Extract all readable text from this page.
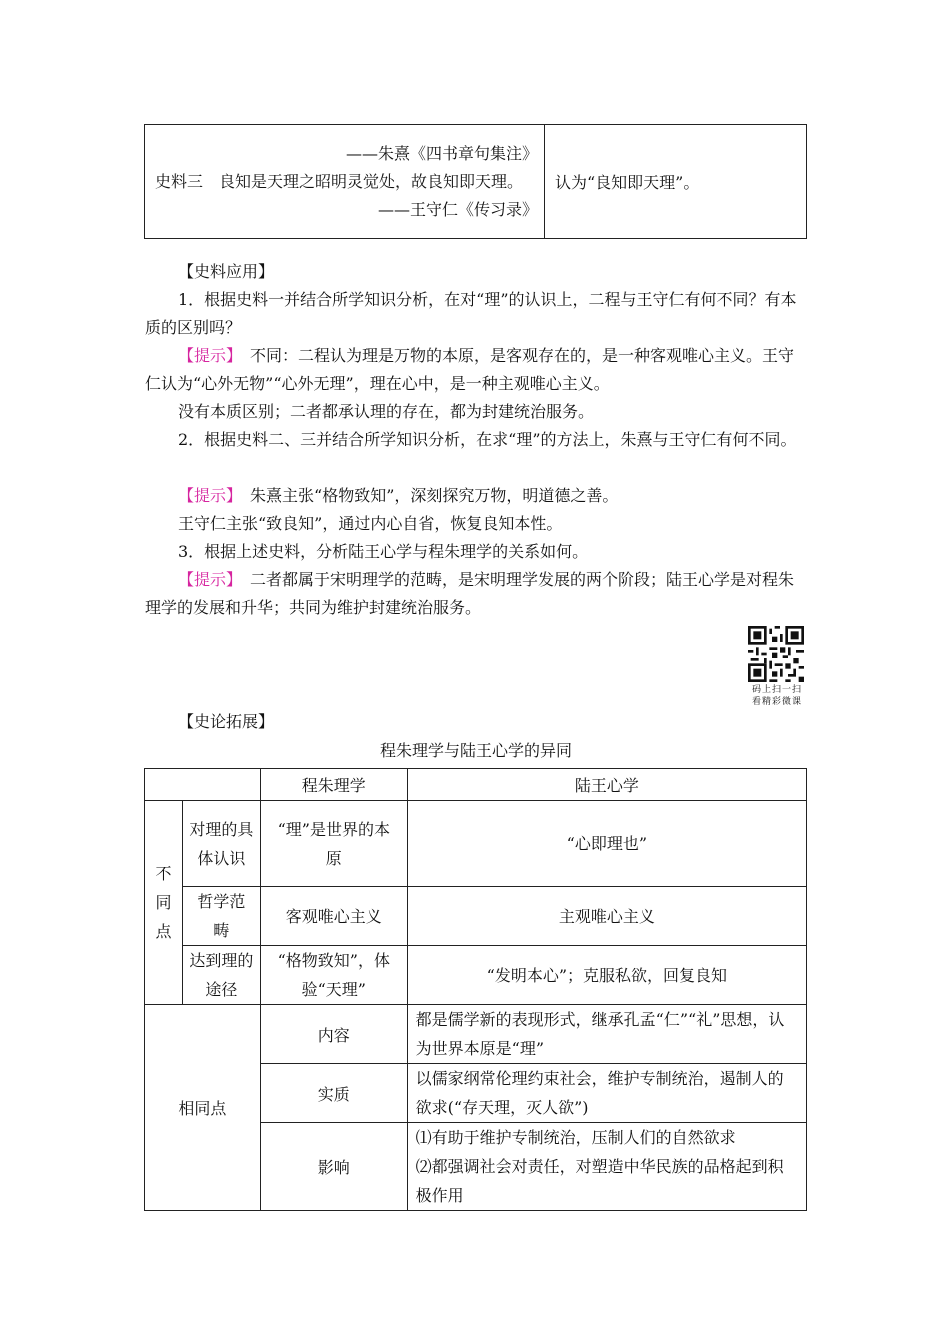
——朱熹《四书章句集注》
史料三　良知是天理之昭明灵觉处，故良知即天理。
——王守仁《传习录》
	认为“良知即天理”。

【史料应用】

1．根据史料一并结合所学知识分析，在对“理”的认识上，二程与王守仁有何不同？有本质的区别吗？

【提示】　不同：二程认为理是万物的本原，是客观存在的，是一种客观唯心主义。王守仁认为“心外无物”“心外无理”，理在心中，是一种主观唯心主义。

没有本质区别；二者都承认理的存在，都为封建统治服务。

2．根据史料二、三并结合所学知识分析，在求“理”的方法上，朱熹与王守仁有何不同。

【提示】　朱熹主张“格物致知”，深刻探究万物，明道德之善。

王守仁主张“致良知”，通过内心自省，恢复良知本性。

3．根据上述史料，分析陆王心学与程朱理学的关系如何。

【提示】　二者都属于宋明理学的范畴，是宋明理学发展的两个阶段；陆王心学是对程朱理学的发展和升华；共同为维护封建统治服务。

码上扫一扫
看精彩微课

【史论拓展】

程朱理学与陆王心学的异同
		程朱理学	陆王心学
不同点	对理的具体认识	“理”是世界的本原	“心即理也”
	哲学范畴	客观唯心主义	主观唯心主义
	达到理的途径	“格物致知”，体验“天理”	“发明本心”；克服私欲，回复良知
相同点		内容	都是儒学新的表现形式，继承孔孟“仁”“礼”思想，认为世界本原是“理”
		实质	以儒家纲常伦理约束社会，维护专制统治，遏制人的欲求(“存天理，灭人欲”)
		影响	⑴有助于维护专制统治，压制人们的自然欲求
⑵都强调社会对责任，对塑造中华民族的品格起到积极作用
